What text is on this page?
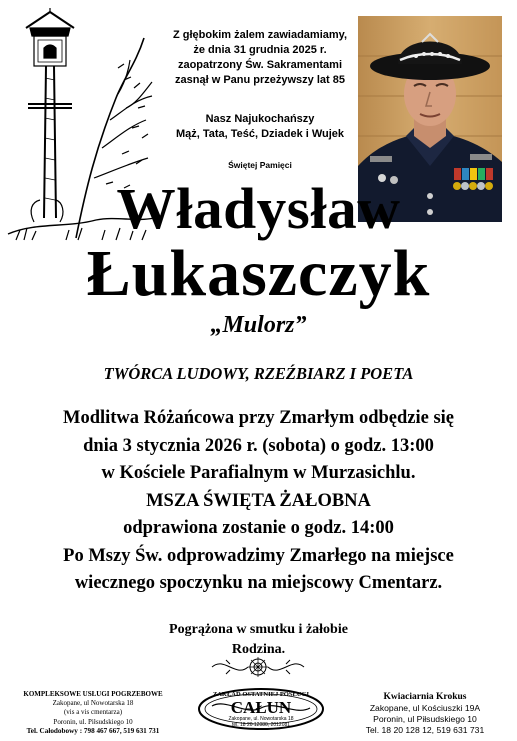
Z głębokim żalem zawiadamiamy,
że dnia 31 grudnia 2025 r.
zaopatrzony Św. Sakramentami
zasnął w Panu przeżywszy lat 85
Nasz Najukochańszy
Mąż, Tata, Teść, Dziadek i Wujek
Świętej Pamięci
Władysław
Łukaszczyk
„Mulorz”
TWÓRCA LUDOWY, RZEŹBIARZ I POETA
Modlitwa Różańcowa przy Zmarłym odbędzie się
dnia 3 stycznia 2026 r. (sobota) o godz. 13:00
w Kościele Parafialnym w Murzasichlu.
MSZA ŚWIĘTA ŻAŁOBNA
odprawiona zostanie o godz. 14:00
Po Mszy Św. odprowadzimy Zmarłego na miejsce
wiecznego spoczynku na miejscowy Cmentarz.
Pogrążona w smutku i żałobie
Rodzina.
KOMPLEKSOWE USŁUGI POGRZEBOWE
Zakopane, ul Nowotarska 18
(vis a vis cmentarza)
Poronin, ul. Piłsudskiego 10
Tel. Całodobowy : 798 467 667, 519 631 731
ZAKŁAD OSTATNIEJ POSŁUGI
CAŁUN
Zakopane, ul. Nowotarska 18
tel. 18 20 12080, 2012081
Kwiaciarnia Krokus
Zakopane, ul Kościuszki 19A
Poronin, ul Piłsudskiego 10
Tel. 18 20 128 12, 519 631 731
